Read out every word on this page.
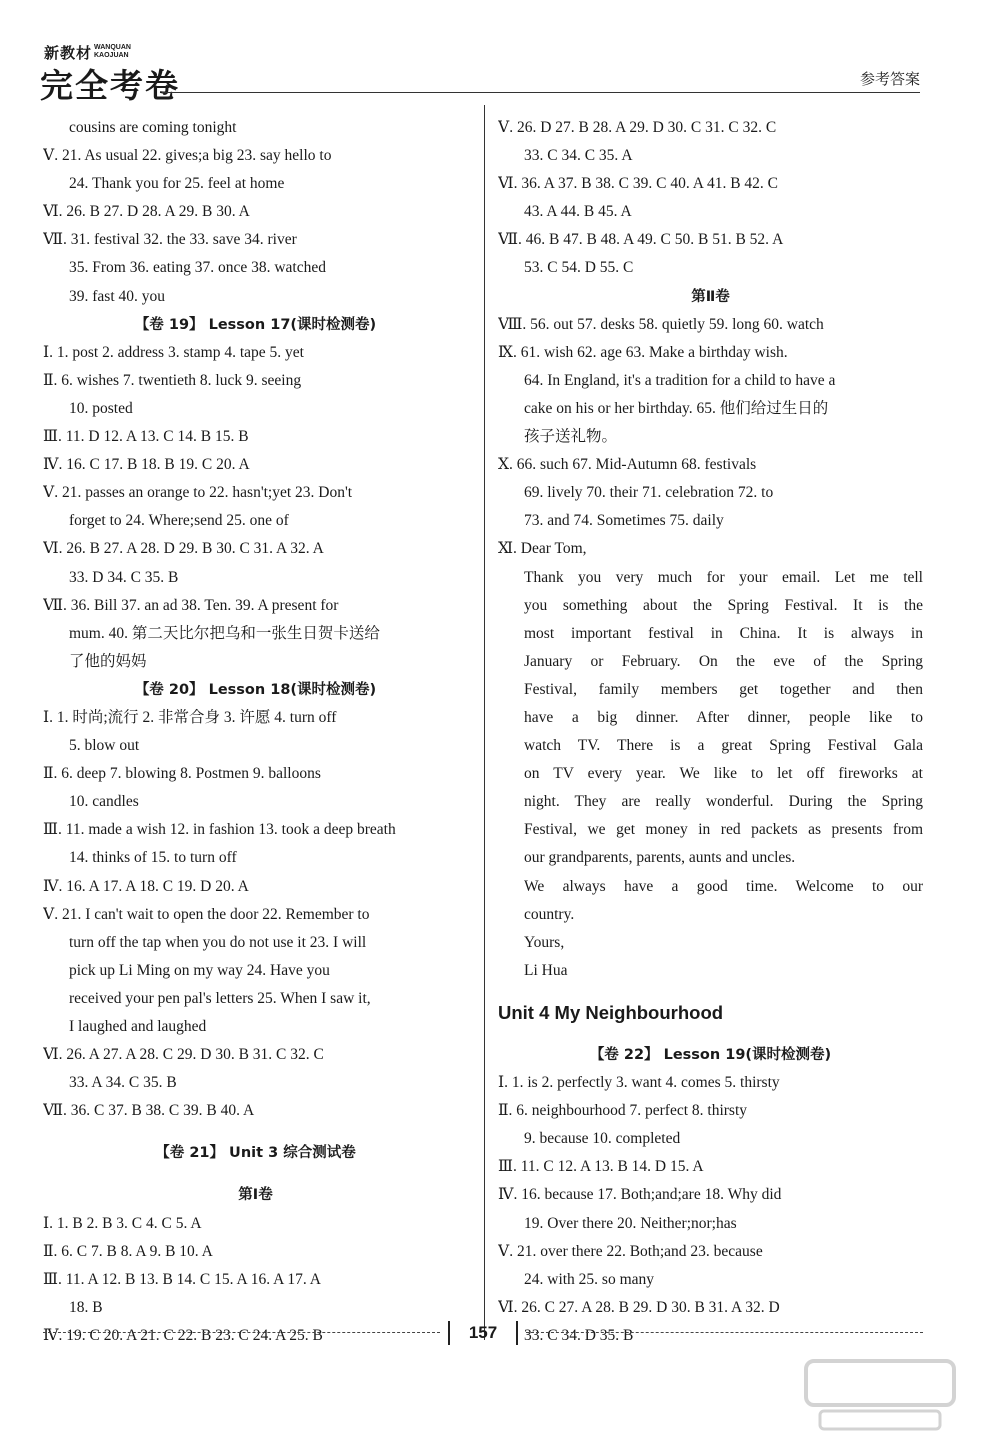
新教材 WANQUAN
KAOJUAN
完全考卷	参考答案
cousins are coming tonight
Ⅴ. 21. As usual 22. gives;a big 23. say hello to
24. Thank you for 25. feel at home
Ⅵ. 26. B 27. D 28. A 29. B 30. A
Ⅶ. 31. festival 32. the 33. save 34. river
35. From 36. eating 37. once 38. watched
39. fast 40. you
【卷 19】 Lesson 17(课时检测卷)
Ⅰ. 1. post 2. address 3. stamp 4. tape 5. yet
Ⅱ. 6. wishes 7. twentieth 8. luck 9. seeing
10. posted
Ⅲ. 11. D 12. A 13. C 14. B 15. B
Ⅳ. 16. C 17. B 18. B 19. C 20. A
Ⅴ. 21. passes an orange to 22. hasn't;yet 23. Don't
forget to 24. Where;send 25. one of
Ⅵ. 26. B 27. A 28. D 29. B 30. C 31. A 32. A
33. D 34. C 35. B
Ⅶ. 36. Bill 37. an ad 38. Ten. 39. A present for
mum. 40. 第二天比尔把乌和一张生日贺卡送给
了他的妈妈
【卷 20】 Lesson 18(课时检测卷)
Ⅰ. 1. 时尚;流行 2. 非常合身 3. 许愿 4. turn off
5. blow out
Ⅱ. 6. deep 7. blowing 8. Postmen 9. balloons
10. candles
Ⅲ. 11. made a wish 12. in fashion 13. took a deep breath
14. thinks of 15. to turn off
Ⅳ. 16. A 17. A 18. C 19. D 20. A
Ⅴ. 21. I can't wait to open the door 22. Remember to
turn off the tap when you do not use it 23. I will
pick up Li Ming on my way 24. Have you
received your pen pal's letters 25. When I saw it,
I laughed and laughed
Ⅵ. 26. A 27. A 28. C 29. D 30. B 31. C 32. C
33. A 34. C 35. B
Ⅶ. 36. C 37. B 38. C 39. B 40. A
【卷 21】 Unit 3 综合测试卷
第Ⅰ卷
Ⅰ. 1. B 2. B 3. C 4. C 5. A
Ⅱ. 6. C 7. B 8. A 9. B 10. A
Ⅲ. 11. A 12. B 13. B 14. C 15. A 16. A 17. A
18. B
Ⅳ. 19. C 20. A 21. C 22. B 23. C 24. A 25. B
Ⅴ. 26. D 27. B 28. A 29. D 30. C 31. C 32. C
33. C 34. C 35. A
Ⅵ. 36. A 37. B 38. C 39. C 40. A 41. B 42. C
43. A 44. B 45. A
Ⅶ. 46. B 47. B 48. A 49. C 50. B 51. B 52. A
53. C 54. D 55. C
第Ⅱ卷
Ⅷ. 56. out 57. desks 58. quietly 59. long 60. watch
Ⅸ. 61. wish 62. age 63. Make a birthday wish.
64. In England, it's a tradition for a child to have a
cake on his or her birthday. 65. 他们给过生日的
孩子送礼物。
Ⅹ. 66. such 67. Mid-Autumn 68. festivals
69. lively 70. their 71. celebration 72. to
73. and 74. Sometimes 75. daily
Ⅺ. Dear Tom,
Thank you very much for your email. Let me tell
you something about the Spring Festival. It is the
most important festival in China. It is always in
January or February. On the eve of the Spring
Festival, family members get together and then
have a big dinner. After dinner, people like to
watch TV. There is a great Spring Festival Gala
on TV every year. We like to let off fireworks at
night. They are really wonderful. During the Spring
Festival, we get money in red packets as presents from
our grandparents, parents, aunts and uncles.
We always have a good time. Welcome to our
country.
Yours,
Li Hua
Unit 4 My Neighbourhood
【卷 22】 Lesson 19(课时检测卷)
Ⅰ. 1. is 2. perfectly 3. want 4. comes 5. thirsty
Ⅱ. 6. neighbourhood 7. perfect 8. thirsty
9. because 10. completed
Ⅲ. 11. C 12. A 13. B 14. D 15. A
Ⅳ. 16. because 17. Both;and;are 18. Why did
19. Over there 20. Neither;nor;has
Ⅴ. 21. over there 22. Both;and 23. because
24. with 25. so many
Ⅵ. 26. C 27. A 28. B 29. D 30. B 31. A 32. D
33. C 34. D 35. B
157
